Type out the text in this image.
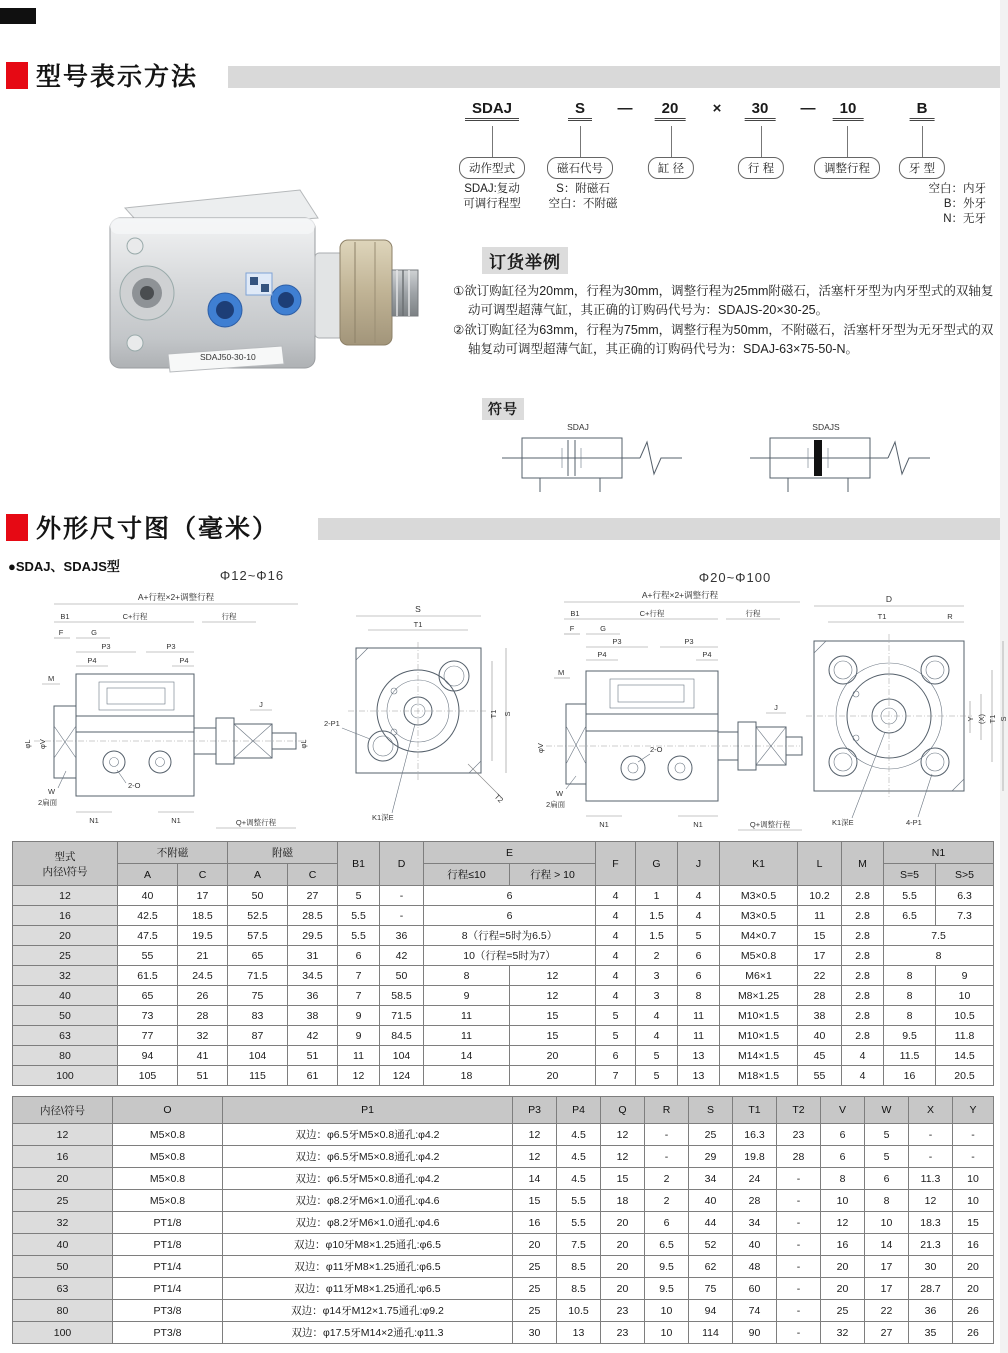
型号表示方法
SDAJ	S	—	20	×	30	—	10	B
动作型式	磁石代号	缸 径	行 程	调整行程	牙 型
SDAJ:复动
可调行程型
S：附磁石
空白：不附磁
空白：内牙
B：外牙
N：无牙
SDAJ50-30-10
订货举例

①欲订购缸径为20mm，行程为30mm，调整行程为25mm附磁石，活塞杆牙型为内牙型式的双轴复动可调型超薄气缸，其正确的订购码代号为：SDAJS-20×30-25。

②欲订购缸径为63mm，行程为75mm，调整行程为50mm，不附磁石，活塞杆牙型为无牙型式的双轴复动可调型超薄气缸，其正确的订购码代号为：SDAJ-63×75-50-N。

符号
SDAJ	SDAJS
外形尺寸图（毫米）
●SDAJ、SDAJS型
Φ12~Φ16	Φ20~Φ100
A+行程×2+调整行程
B1	C+行程	行程
F	G
P3	P3
P4	P4
M
φL φV
J
φL
W
2扁面
2-O
N1	N1	Q+调整行程
S
T1
T1 S
T2
2-P1
K1深E
A+行程×2+调整行程
B1	C+行程	行程
F	G
P3	P3
P4	P4
M
2-O
φV
W
2扁面
J
N1	N1	Q+调整行程
D
T1	R
Y (X) T1 S
K1深E	4-P1
型式
内径\符号	不附磁		附磁		B1	D	E		F	G	J	K1	L	M	N1	
	A	C	A	C			行程≤10	行程 > 10							S=5	S>5
12	40	17	50	27	5	-	6		4	1	4	M3×0.5	10.2	2.8	5.5	6.3
16	42.5	18.5	52.5	28.5	5.5	-	6		4	1.5	4	M3×0.5	11	2.8	6.5	7.3
20	47.5	19.5	57.5	29.5	5.5	36	8（行程=5时为6.5）		4	1.5	5	M4×0.7	15	2.8	7.5	
25	55	21	65	31	6	42	10（行程=5时为7）		4	2	6	M5×0.8	17	2.8	8	
32	61.5	24.5	71.5	34.5	7	50	8	12	4	3	6	M6×1	22	2.8	8	9
40	65	26	75	36	7	58.5	9	12	4	3	8	M8×1.25	28	2.8	8	10
50	73	28	83	38	9	71.5	11	15	5	4	11	M10×1.5	38	2.8	8	10.5
63	77	32	87	42	9	84.5	11	15	5	4	11	M10×1.5	40	2.8	9.5	11.8
80	94	41	104	51	11	104	14	20	6	5	13	M14×1.5	45	4	11.5	14.5
100	105	51	115	61	12	124	18	20	7	5	13	M18×1.5	55	4	16	20.5
内径\符号	O	P1	P3	P4	Q	R	S	T1	T2	V	W	X	Y
12	M5×0.8	双边：φ6.5牙M5×0.8通孔:φ4.2	12	4.5	12	-	25	16.3	23	6	5	-	-
16	M5×0.8	双边：φ6.5牙M5×0.8通孔:φ4.2	12	4.5	12	-	29	19.8	28	6	5	-	-
20	M5×0.8	双边：φ6.5牙M5×0.8通孔:φ4.2	14	4.5	15	2	34	24	-	8	6	11.3	10
25	M5×0.8	双边：φ8.2牙M6×1.0通孔:φ4.6	15	5.5	18	2	40	28	-	10	8	12	10
32	PT1/8	双边：φ8.2牙M6×1.0通孔:φ4.6	16	5.5	20	6	44	34	-	12	10	18.3	15
40	PT1/8	双边：φ10牙M8×1.25通孔:φ6.5	20	7.5	20	6.5	52	40	-	16	14	21.3	16
50	PT1/4	双边：φ11牙M8×1.25通孔:φ6.5	25	8.5	20	9.5	62	48	-	20	17	30	20
63	PT1/4	双边：φ11牙M8×1.25通孔:φ6.5	25	8.5	20	9.5	75	60	-	20	17	28.7	20
80	PT3/8	双边：φ14牙M12×1.75通孔:φ9.2	25	10.5	23	10	94	74	-	25	22	36	26
100	PT3/8	双边：φ17.5牙M14×2通孔:φ11.3	30	13	23	10	114	90	-	32	27	35	26
